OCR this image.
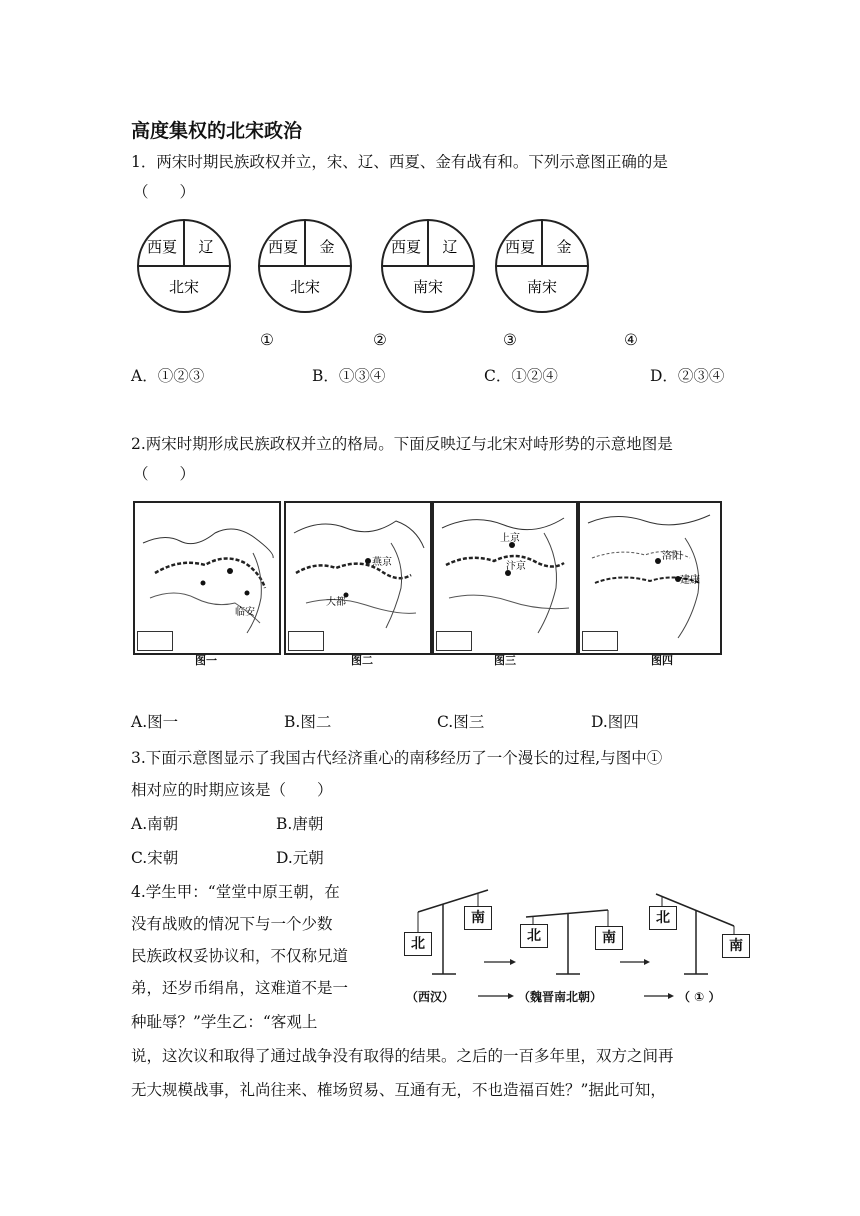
高度集权的北宋政治
1．两宋时期民族政权并立，宋、辽、西夏、金有战有和。下列示意图正确的是
（　　）
西夏 辽
北宋
西夏 金
北宋
西夏 辽
南宋
西夏 金
南宋
①	②	③	④
A．①②③	B．①③④	C．①②④	D．②③④
2.两宋时期形成民族政权并立的格局。下面反映辽与北宋对峙形势的示意地图是
（　　）
临安
燕京
大都
上京
汴京
洛阳
建康
图一	图二	图三	图四
A.图一	B.图二	C.图三	D.图四
3.下面示意图显示了我国古代经济重心的南移经历了一个漫长的过程,与图中①
相对应的时期应该是（　　）
A.南朝	B.唐朝
C.宋朝	D.元朝
4.学生甲：“堂堂中原王朝，在
没有战败的情况下与一个少数
民族政权妥协议和，不仅称兄道
弟，还岁币绢帛，这难道不是一
种耻辱？”学生乙：“客观上
说，这次议和取得了通过战争没有取得的结果。之后的一百多年里，双方之间再
无大规模战事，礼尚往来、榷场贸易、互通有无，不也造福百姓？”据此可知，
北
南
北	南
北
南
（西汉）	（魏晋南北朝）	（ ① ）
